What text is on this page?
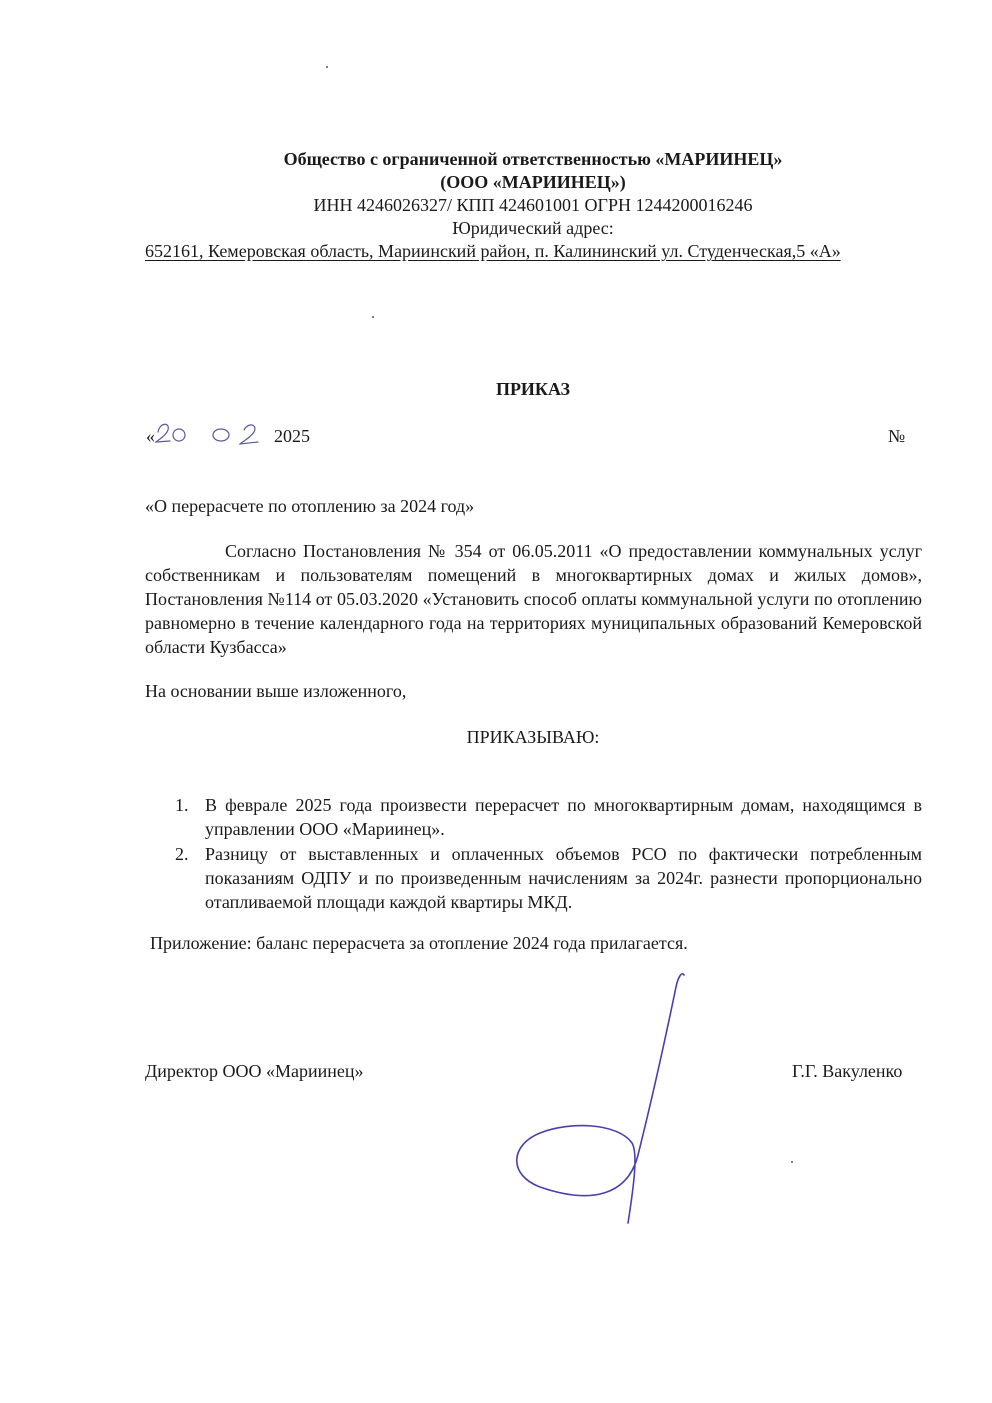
Общество с ограниченной ответственностью «МАРИИНЕЦ»
(ООО «МАРИИНЕЦ»)
ИНН 4246026327/ КПП 424601001 ОГРН 1244200016246
Юридический адрес:
652161, Кемеровская область, Мариинский район, п. Калининский ул. Студенческая,5 «А»
ПРИКАЗ
«	2025	№
«О перерасчете по отоплению за 2024 год»
Согласно Постановления № 354 от 06.05.2011 «О предоставлении коммунальных услуг собственникам и пользователям помещений в многоквартирных домах и жилых домов», Постановления №114 от 05.03.2020 «Установить способ оплаты коммунальной услуги по отоплению равномерно в течение календарного года на территориях муниципальных образований Кемеровской области Кузбасса»
На основании выше изложенного,
ПРИКАЗЫВАЮ:
1. В феврале 2025 года произвести перерасчет по многоквартирным домам, находящимся в управлении ООО «Мариинец».
2. Разницу от выставленных и оплаченных объемов РСО по фактически потребленным показаниям ОДПУ и по произведенным начислениям за 2024г. разнести пропорционально отапливаемой площади каждой квартиры МКД.
Приложение: баланс перерасчета за отопление 2024 года прилагается.
Директор ООО «Мариинец»	Г.Г. Вакуленко
